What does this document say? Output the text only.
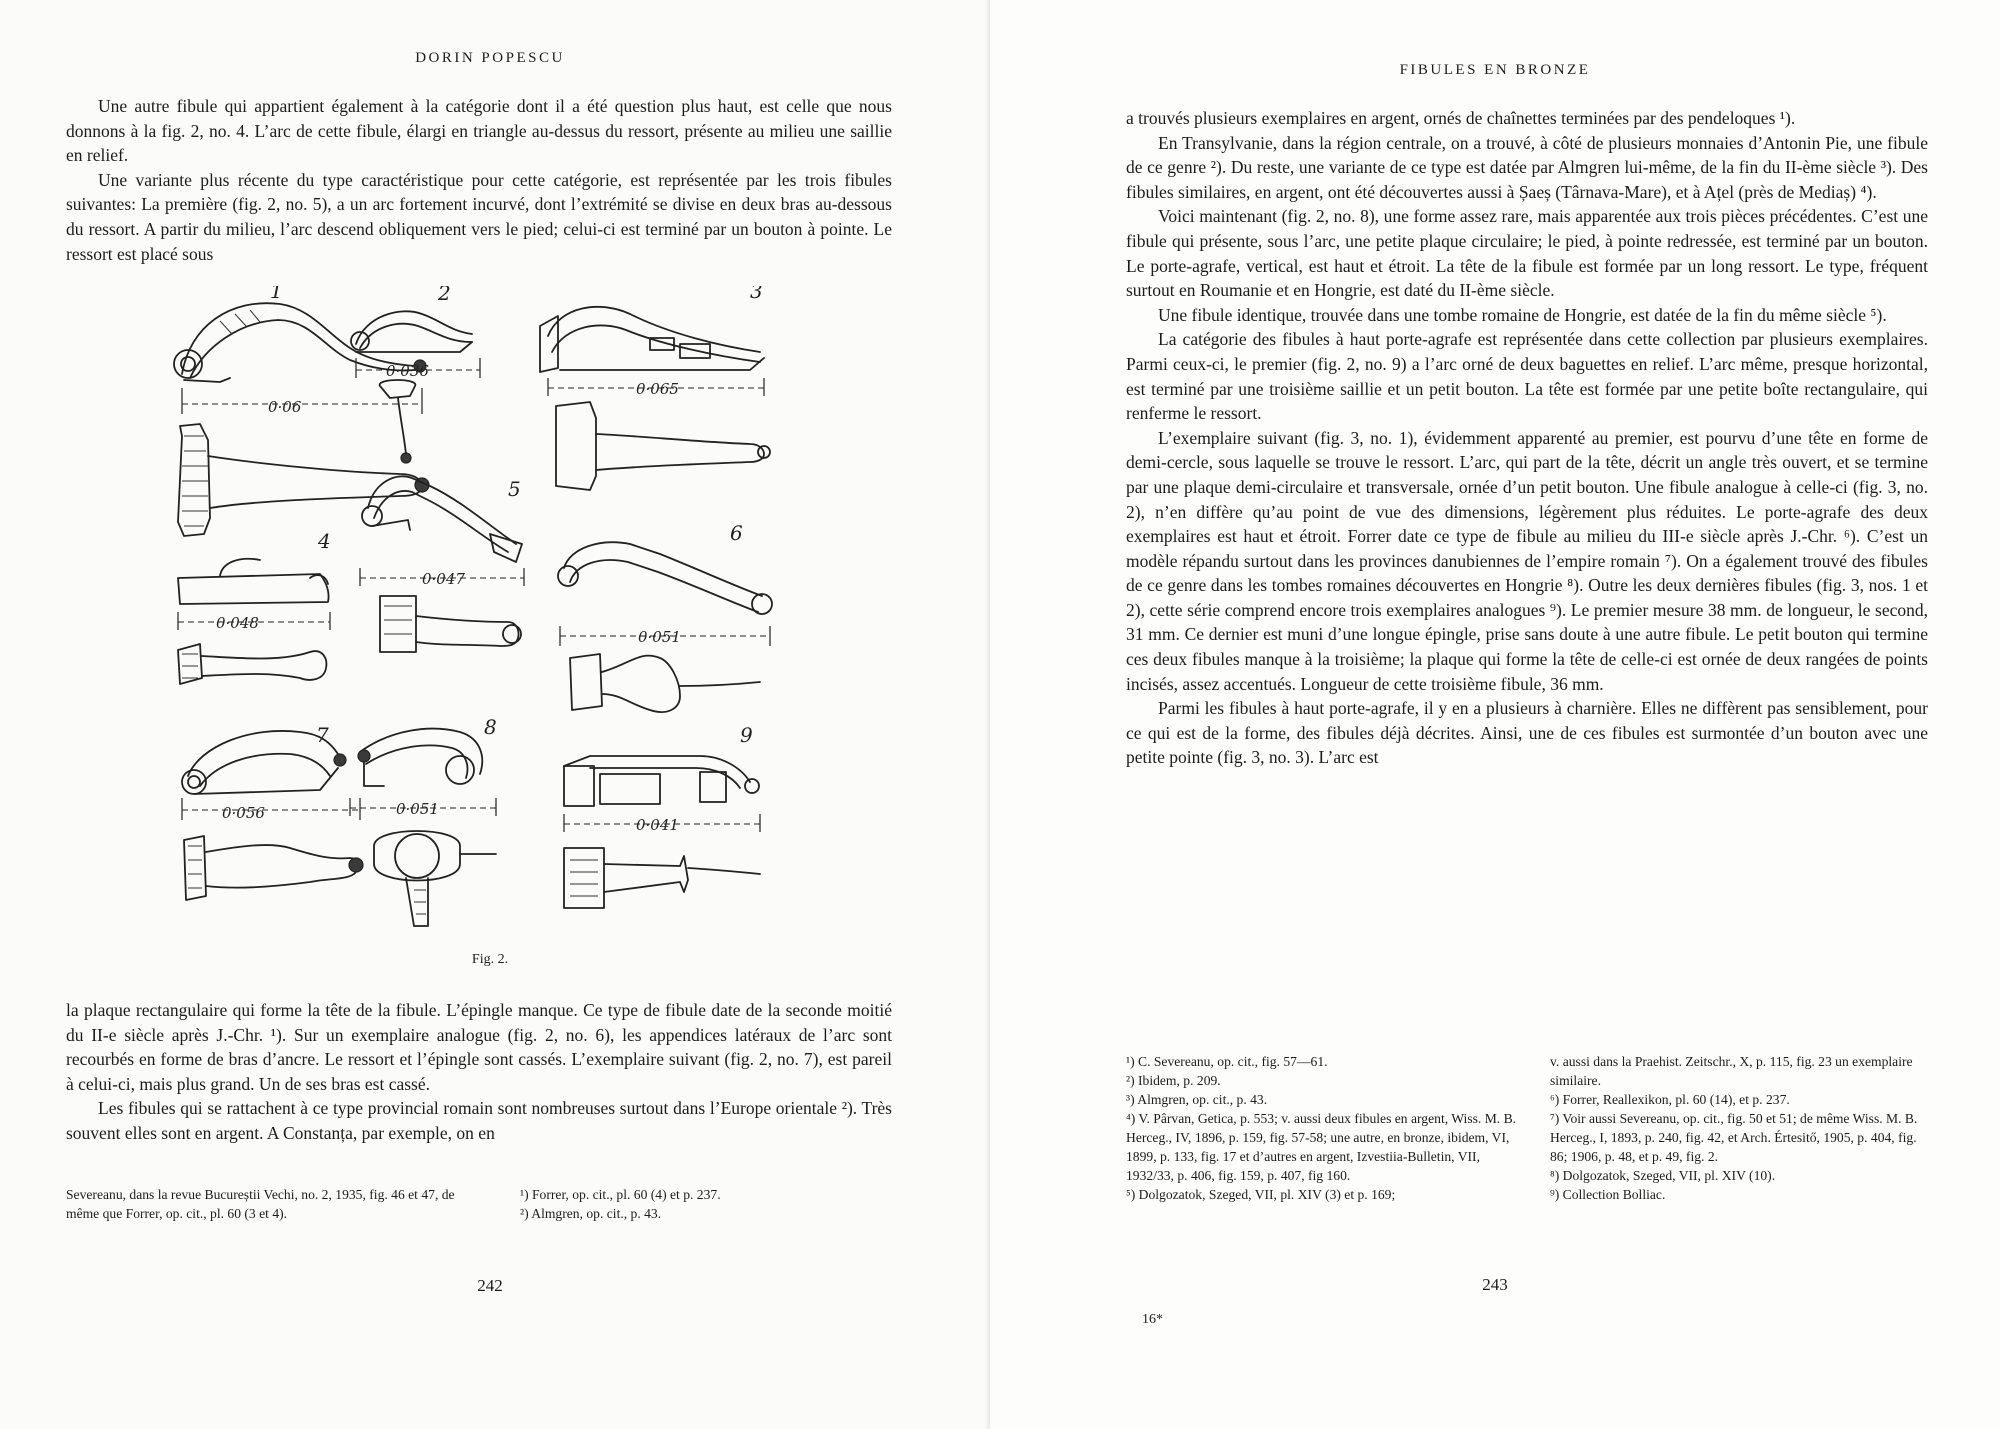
DORIN POPESCU

Une autre fibule qui appartient également à la catégorie dont il a été question plus haut, est celle que nous donnons à la fig. 2, no. 4. L’arc de cette fibule, élargi en triangle au-dessus du ressort, présente au milieu une saillie en relief.

Une variante plus récente du type caractéristique pour cette catégorie, est représentée par les trois fibules suivantes: La première (fig. 2, no. 5), a un arc fortement incurvé, dont l’extrémité se divise en deux bras au-dessous du ressort. A partir du milieu, l’arc descend obliquement vers le pied; celui-ci est terminé par un bouton à pointe. Le ressort est placé sous

0·06
1
0·036
2
0·065
3
0·048
4
0·047
5
0·051
6
0·056
7
0·051
8
0·041
9
Fig. 2.

la plaque rectangulaire qui forme la tête de la fibule. L’épingle manque. Ce type de fibule date de la seconde moitié du II-e siècle après J.-Chr. ¹). Sur un exemplaire analogue (fig. 2, no. 6), les appendices latéraux de l’arc sont recourbés en forme de bras d’ancre. Le ressort et l’épingle sont cassés. L’exemplaire suivant (fig. 2, no. 7), est pareil à celui-ci, mais plus grand. Un de ses bras est cassé.

Les fibules qui se rattachent à ce type provincial romain sont nombreuses surtout dans l’Europe orientale ²). Très souvent elles sont en argent. A Constanța, par exemple, on en

Severeanu, dans la revue Bucureștii Vechi, no. 2, 1935, fig. 46 et 47, de même que Forrer, op. cit., pl. 60 (3 et 4).

¹) Forrer, op. cit., pl. 60 (4) et p. 237.

²) Almgren, op. cit., p. 43.

242
FIBULES EN BRONZE

a trouvés plusieurs exemplaires en argent, ornés de chaînettes terminées par des pendeloques ¹).

En Transylvanie, dans la région centrale, on a trouvé, à côté de plusieurs monnaies d’Antonin Pie, une fibule de ce genre ²). Du reste, une variante de ce type est datée par Almgren lui-même, de la fin du II-ème siècle ³). Des fibules similaires, en argent, ont été découvertes aussi à Șaeș (Târnava-Mare), et à Ațel (près de Mediaș) ⁴).

Voici maintenant (fig. 2, no. 8), une forme assez rare, mais apparentée aux trois pièces précédentes. C’est une fibule qui présente, sous l’arc, une petite plaque circulaire; le pied, à pointe redressée, est terminé par un bouton. Le porte-agrafe, vertical, est haut et étroit. La tête de la fibule est formée par un long ressort. Le type, fréquent surtout en Roumanie et en Hongrie, est daté du II-ème siècle.

Une fibule identique, trouvée dans une tombe romaine de Hongrie, est datée de la fin du même siècle ⁵).

La catégorie des fibules à haut porte-agrafe est représentée dans cette collection par plusieurs exemplaires. Parmi ceux-ci, le premier (fig. 2, no. 9) a l’arc orné de deux baguettes en relief. L’arc même, presque horizontal, est terminé par une troisième saillie et un petit bouton. La tête est formée par une petite boîte rectangulaire, qui renferme le ressort.

L’exemplaire suivant (fig. 3, no. 1), évidemment apparenté au premier, est pourvu d’une tête en forme de demi-cercle, sous laquelle se trouve le ressort. L’arc, qui part de la tête, décrit un angle très ouvert, et se termine par une plaque demi-circulaire et transversale, ornée d’un petit bouton. Une fibule analogue à celle-ci (fig. 3, no. 2), n’en diffère qu’au point de vue des dimensions, légèrement plus réduites. Le porte-agrafe des deux exemplaires est haut et étroit. Forrer date ce type de fibule au milieu du III-e siècle après J.-Chr. ⁶). C’est un modèle répandu surtout dans les provinces danubiennes de l’empire romain ⁷). On a également trouvé des fibules de ce genre dans les tombes romaines découvertes en Hongrie ⁸). Outre les deux dernières fibules (fig. 3, nos. 1 et 2), cette série comprend encore trois exemplaires analogues ⁹). Le premier mesure 38 mm. de longueur, le second, 31 mm. Ce dernier est muni d’une longue épingle, prise sans doute à une autre fibule. Le petit bouton qui termine ces deux fibules manque à la troisième; la plaque qui forme la tête de celle-ci est ornée de deux rangées de points incisés, assez accentués. Longueur de cette troisième fibule, 36 mm.

Parmi les fibules à haut porte-agrafe, il y en a plusieurs à charnière. Elles ne diffèrent pas sensiblement, pour ce qui est de la forme, des fibules déjà décrites. Ainsi, une de ces fibules est surmontée d’un bouton avec une petite pointe (fig. 3, no. 3). L’arc est

¹) C. Severeanu, op. cit., fig. 57—61.

²) Ibidem, p. 209.

³) Almgren, op. cit., p. 43.

⁴) V. Pârvan, Getica, p. 553; v. aussi deux fibules en argent, Wiss. M. B. Herceg., IV, 1896, p. 159, fig. 57-58; une autre, en bronze, ibidem, VI, 1899, p. 133, fig. 17 et d’autres en argent, Izvestiia-Bulletin, VII, 1932/33, p. 406, fig. 159, p. 407, fig 160.

⁵) Dolgozatok, Szeged, VII, pl. XIV (3) et p. 169;

v. aussi dans la Praehist. Zeitschr., X, p. 115, fig. 23 un exemplaire similaire.

⁶) Forrer, Reallexikon, pl. 60 (14), et p. 237.

⁷) Voir aussi Severeanu, op. cit., fig. 50 et 51; de même Wiss. M. B. Herceg., I, 1893, p. 240, fig. 42, et Arch. Értesitő, 1905, p. 404, fig. 86; 1906, p. 48, et p. 49, fig. 2.

⁸) Dolgozatok, Szeged, VII, pl. XIV (10).

⁹) Collection Bolliac.

243
16*
